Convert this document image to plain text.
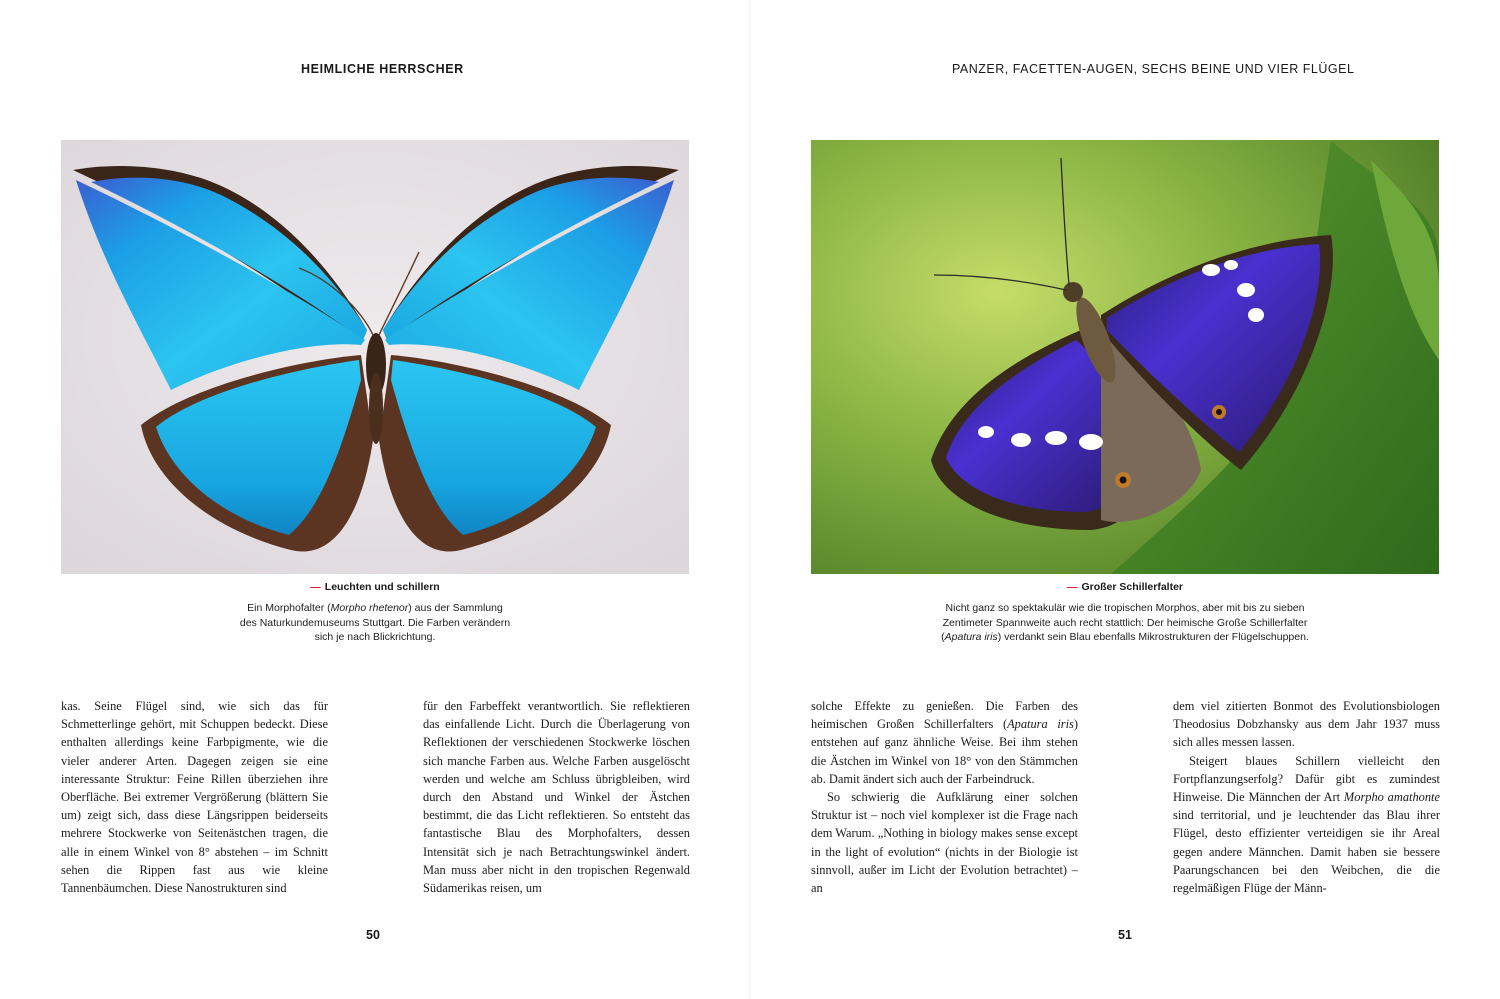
HEIMLICHE HERRSCHER	PANZER, FACETTEN-AUGEN, SECHS BEINE UND VIER FLÜGEL
— Leuchten und schillern
Ein Morphofalter (Morpho rhetenor) aus der Sammlung
des Naturkundemuseums Stuttgart. Die Farben verändern
sich je nach Blickrichtung.
— Großer Schillerfalter
Nicht ganz so spektakulär wie die tropischen Morphos, aber mit bis zu sieben
Zentimeter Spannweite auch recht stattlich: Der heimische Große Schillerfalter
(Apatura iris) verdankt sein Blau ebenfalls Mikrostrukturen der Flügelschuppen.

kas. Seine Flügel sind, wie sich das für Schmetterlinge gehört, mit Schuppen bedeckt. Diese enthalten allerdings keine Farbpigmente, wie die vieler anderer Arten. Dagegen zeigen sie eine interessante Struktur: Feine Rillen überziehen ihre Oberfläche. Bei extremer Vergrößerung (blättern Sie um) zeigt sich, dass diese Längsrippen beiderseits mehrere Stockwerke von Seitenästchen tragen, die alle in einem Winkel von 8° abstehen – im Schnitt sehen die Rippen fast aus wie kleine Tannenbäumchen. Diese Nanostrukturen sind

für den Farbeffekt verantwortlich. Sie reflektieren das einfallende Licht. Durch die Überlagerung von Reflektionen der verschiedenen Stockwerke löschen sich manche Farben aus. Welche Farben ausgelöscht werden und welche am Schluss übrigbleiben, wird durch den Abstand und Winkel der Ästchen bestimmt, die das Licht reflektieren. So entsteht das fantastische Blau des Morphofalters, dessen Intensität sich je nach Betrachtungswinkel ändert. Man muss aber nicht in den tropischen Regenwald Südamerikas reisen, um

solche Effekte zu genießen. Die Farben des heimischen Großen Schillerfalters (Apatura iris) entstehen auf ganz ähnliche Weise. Bei ihm stehen die Ästchen im Winkel von 18° von den Stämmchen ab. Damit ändert sich auch der Farbeindruck.

So schwierig die Aufklärung einer solchen Struktur ist – noch viel komplexer ist die Frage nach dem Warum. „Nothing in biology makes sense except in the light of evolution“ (nichts in der Biologie ist sinnvoll, außer im Licht der Evolution betrachtet) – an

dem viel zitierten Bonmot des Evolutionsbiologen Theodosius Dobzhansky aus dem Jahr 1937 muss sich alles messen lassen.

Steigert blaues Schillern vielleicht den Fortpflanzungserfolg? Dafür gibt es zumindest Hinweise. Die Männchen der Art Morpho amathonte sind territorial, und je leuchtender das Blau ihrer Flügel, desto effizienter verteidigen sie ihr Areal gegen andere Männchen. Damit haben sie bessere Paarungschancen bei den Weibchen, die die regelmäßigen Flüge der Männ-

50	51
